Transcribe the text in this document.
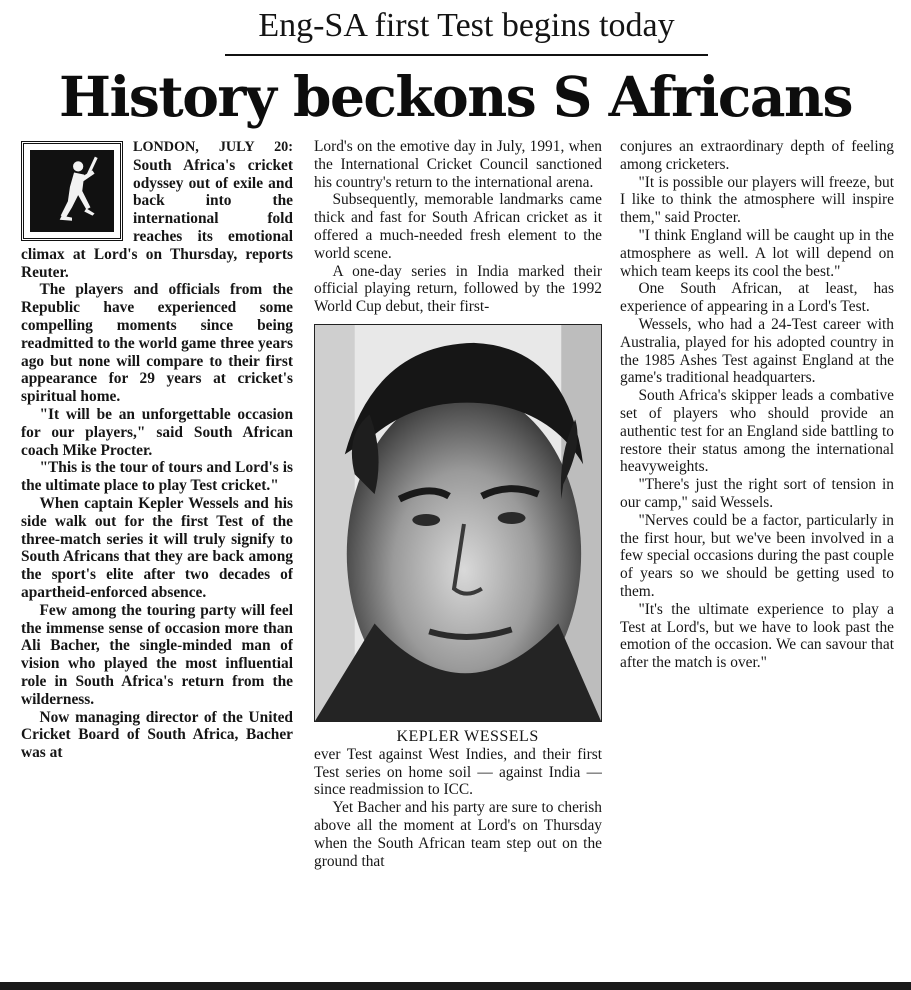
Eng-SA first Test begins today
History beckons S Africans

LONDON, JULY 20: South Africa's cricket odyssey out of exile and back into the international fold reaches its emotional climax at Lord's on Thursday, reports Reuter.

The players and officials from the Republic have experienced some compelling moments since being readmitted to the world game three years ago but none will compare to their first appearance for 29 years at cricket's spiritual home.

"It will be an unforgettable occasion for our players," said South African coach Mike Procter.

"This is the tour of tours and Lord's is the ultimate place to play Test cricket."

When captain Kepler Wessels and his side walk out for the first Test of the three-match series it will truly signify to South Africans that they are back among the sport's elite after two decades of apartheid-enforced absence.

Few among the touring party will feel the immense sense of occasion more than Ali Bacher, the single-minded man of vision who played the most influential role in South Africa's return from the wilderness.

Now managing director of the United Cricket Board of South Africa, Bacher was at

Lord's on the emotive day in July, 1991, when the International Cricket Council sanctioned his country's return to the international arena.

Subsequently, memorable landmarks came thick and fast for South African cricket as it offered a much-needed fresh element to the world scene.

A one-day series in India marked their official playing return, followed by the 1992 World Cup debut, their first-

KEPLER WESSELS

ever Test against West Indies, and their first Test series on home soil — against India — since readmission to ICC.

Yet Bacher and his party are sure to cherish above all the moment at Lord's on Thursday when the South African team step out on the ground that

conjures an extraordinary depth of feeling among cricketers.

"It is possible our players will freeze, but I like to think the atmosphere will inspire them," said Procter.

"I think England will be caught up in the atmosphere as well. A lot will depend on which team keeps its cool the best."

One South African, at least, has experience of appearing in a Lord's Test.

Wessels, who had a 24-Test career with Australia, played for his adopted country in the 1985 Ashes Test against England at the game's traditional headquarters.

South Africa's skipper leads a combative set of players who should provide an authentic test for an England side battling to restore their status among the international heavyweights.

"There's just the right sort of tension in our camp," said Wessels.

"Nerves could be a factor, particularly in the first hour, but we've been involved in a few special occasions during the past couple of years so we should be getting used to them.

"It's the ultimate experience to play a Test at Lord's, but we have to look past the emotion of the occasion. We can savour that after the match is over."
